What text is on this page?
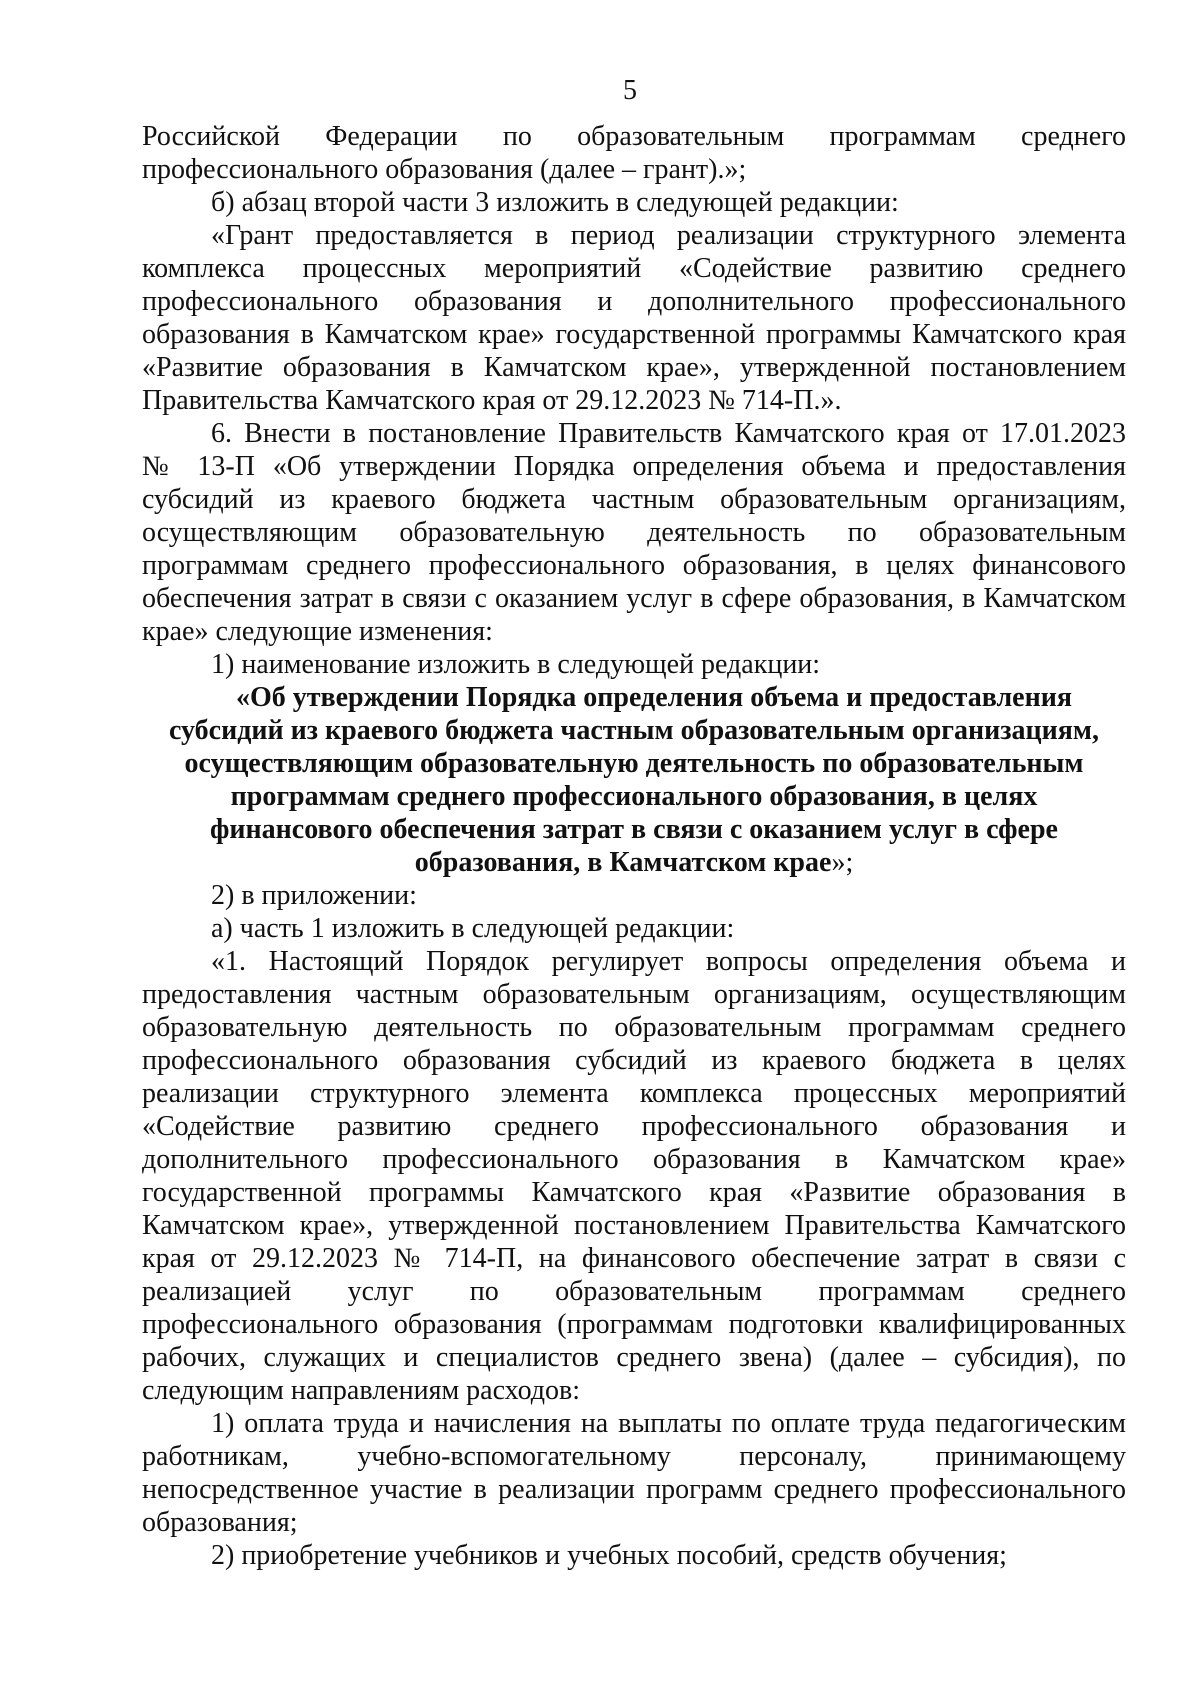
5
Российской Федерации по образовательным программам среднего
профессионального образования (далее – грант).»;
б) абзац второй части 3 изложить в следующей редакции:
«Грант предоставляется в период реализации структурного элемента
комплекса процессных мероприятий «Содействие развитию среднего
профессионального образования и дополнительного профессионального
образования в Камчатском крае» государственной программы Камчатского края
«Развитие образования в Камчатском крае», утвержденной постановлением
Правительства Камчатского края от 29.12.2023 № 714-П.».
6. Внести в постановление Правительств Камчатского края от 17.01.2023
№ 13-П «Об утверждении Порядка определения объема и предоставления
субсидий из краевого бюджета частным образовательным организациям,
осуществляющим образовательную деятельность по образовательным
программам среднего профессионального образования, в целях финансового
обеспечения затрат в связи с оказанием услуг в сфере образования, в Камчатском
крае» следующие изменения:
1) наименование изложить в следующей редакции:
«Об утверждении Порядка определения объема и предоставления
субсидий из краевого бюджета частным образовательным организациям,
осуществляющим образовательную деятельность по образовательным
программам среднего профессионального образования, в целях
финансового обеспечения затрат в связи с оказанием услуг в сфере
образования, в Камчатском крае»;
2) в приложении:
а) часть 1 изложить в следующей редакции:
«1. Настоящий Порядок регулирует вопросы определения объема и
предоставления частным образовательным организациям, осуществляющим
образовательную деятельность по образовательным программам среднего
профессионального образования субсидий из краевого бюджета в целях
реализации структурного элемента комплекса процессных мероприятий
«Содействие развитию среднего профессионального образования и
дополнительного профессионального образования в Камчатском крае»
государственной программы Камчатского края «Развитие образования в
Камчатском крае», утвержденной постановлением Правительства Камчатского
края от 29.12.2023 № 714-П, на финансового обеспечение затрат в связи с
реализацией услуг по образовательным программам среднего
профессионального образования (программам подготовки квалифицированных
рабочих, служащих и специалистов среднего звена) (далее – субсидия), по
следующим направлениям расходов:
1) оплата труда и начисления на выплаты по оплате труда педагогическим
работникам, учебно-вспомогательному персоналу, принимающему
непосредственное участие в реализации программ среднего профессионального
образования;
2) приобретение учебников и учебных пособий, средств обучения;
